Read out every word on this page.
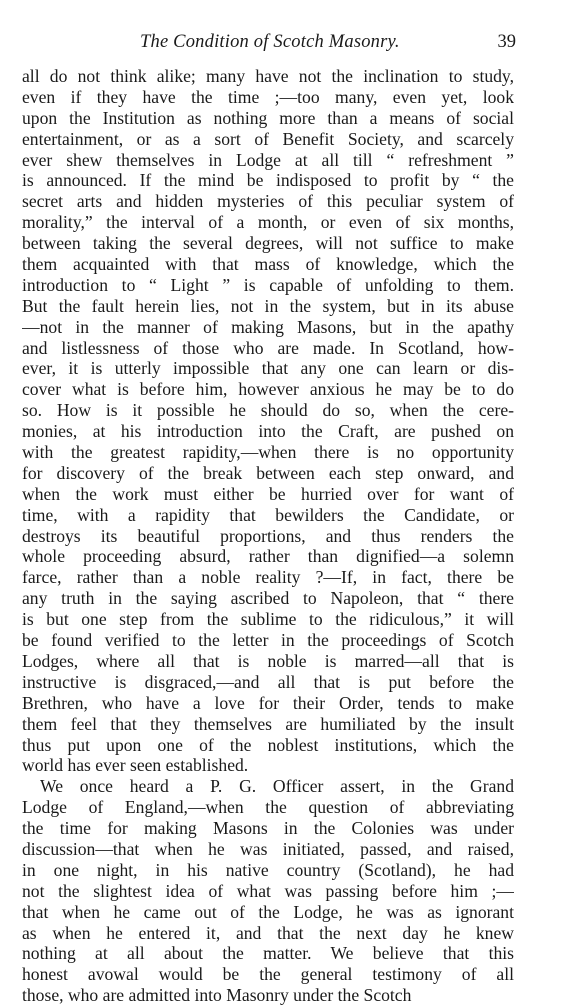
The Condition of Scotch Masonry.	39
all do not think alike; many have not the inclination to study,
even if they have the time ;—too many, even yet, look
upon the Institution as nothing more than a means of social
entertainment, or as a sort of Benefit Society, and scarcely
ever shew themselves in Lodge at all till “ refreshment ”
is announced. If the mind be indisposed to profit by “ the
secret arts and hidden mysteries of this peculiar system of
morality,” the interval of a month, or even of six months,
between taking the several degrees, will not suffice to make
them acquainted with that mass of knowledge, which the
introduction to “ Light ” is capable of unfolding to them.
But the fault herein lies, not in the system, but in its abuse
—not in the manner of making Masons, but in the apathy
and listlessness of those who are made. In Scotland, how-
ever, it is utterly impossible that any one can learn or dis-
cover what is before him, however anxious he may be to do
so. How is it possible he should do so, when the cere-
monies, at his introduction into the Craft, are pushed on
with the greatest rapidity,—when there is no opportunity
for discovery of the break between each step onward, and
when the work must either be hurried over for want of
time, with a rapidity that bewilders the Candidate, or
destroys its beautiful proportions, and thus renders the
whole proceeding absurd, rather than dignified—a solemn
farce, rather than a noble reality ?—If, in fact, there be
any truth in the saying ascribed to Napoleon, that “ there
is but one step from the sublime to the ridiculous,” it will
be found verified to the letter in the proceedings of Scotch
Lodges, where all that is noble is marred—all that is
instructive is disgraced,—and all that is put before the
Brethren, who have a love for their Order, tends to make
them feel that they themselves are humiliated by the insult
thus put upon one of the noblest institutions, which the
world has ever seen established.
We once heard a P. G. Officer assert, in the Grand
Lodge of England,—when the question of abbreviating
the time for making Masons in the Colonies was under
discussion—that when he was initiated, passed, and raised,
in one night, in his native country (Scotland), he had
not the slightest idea of what was passing before him ;—
that when he came out of the Lodge, he was as ignorant
as when he entered it, and that the next day he knew
nothing at all about the matter. We believe that this
honest avowal would be the general testimony of all
those, who are admitted into Masonry under the Scotch
